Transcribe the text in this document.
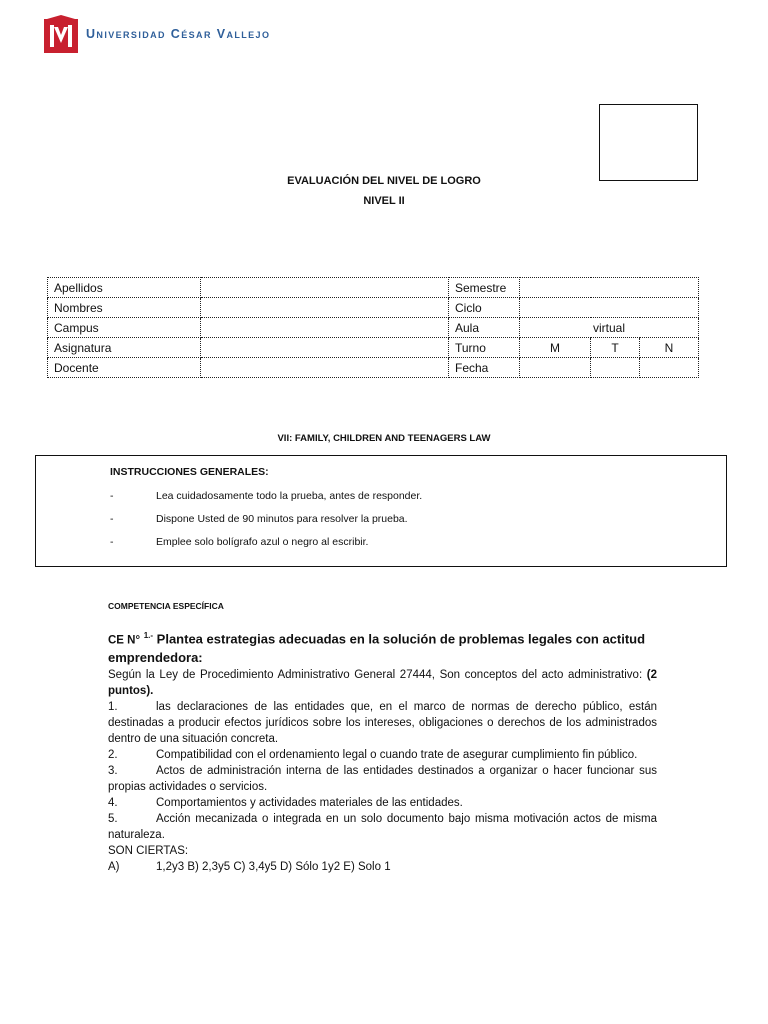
Universidad César Vallejo
EVALUACIÓN DEL NIVEL DE LOGRO
NIVEL II
Apellidos		Semestre			
Nombres		Ciclo			
Campus		Aula	virtual		
Asignatura		Turno	M	T	N
Docente		Fecha			
VII: FAMILY, CHILDREN AND TEENAGERS LAW
INSTRUCCIONES GENERALES:
-	Lea cuidadosamente todo la prueba, antes de responder.
-	Dispone Usted de 90 minutos para resolver la prueba.
-	Emplee solo bolígrafo azul o negro al escribir.
COMPETENCIA ESPECÍFICA
CE N° $^{1.-}$ Plantea estrategias adecuadas en la solución de problemas legales con actitud emprendedora:
Según la Ley de Procedimiento Administrativo General 27444, Son conceptos del acto administrativo: (2 puntos).
1.	las declaraciones de las entidades que, en el marco de normas de derecho público, están destinadas a producir efectos jurídicos sobre los intereses, obligaciones o derechos de los administrados dentro de una situación concreta.
2.	Compatibilidad con el ordenamiento legal o cuando trate de asegurar cumplimiento fin público.
3.	Actos de administración interna de las entidades destinados a organizar o hacer funcionar sus propias actividades o servicios.
4.	Comportamientos y actividades materiales de las entidades.
5.	Acción mecanizada o integrada en un solo documento bajo misma motivación actos de misma naturaleza.
SON CIERTAS:
A)	1,2y3 B) 2,3y5 C) 3,4y5 D) Sólo 1y2 E) Solo 1
